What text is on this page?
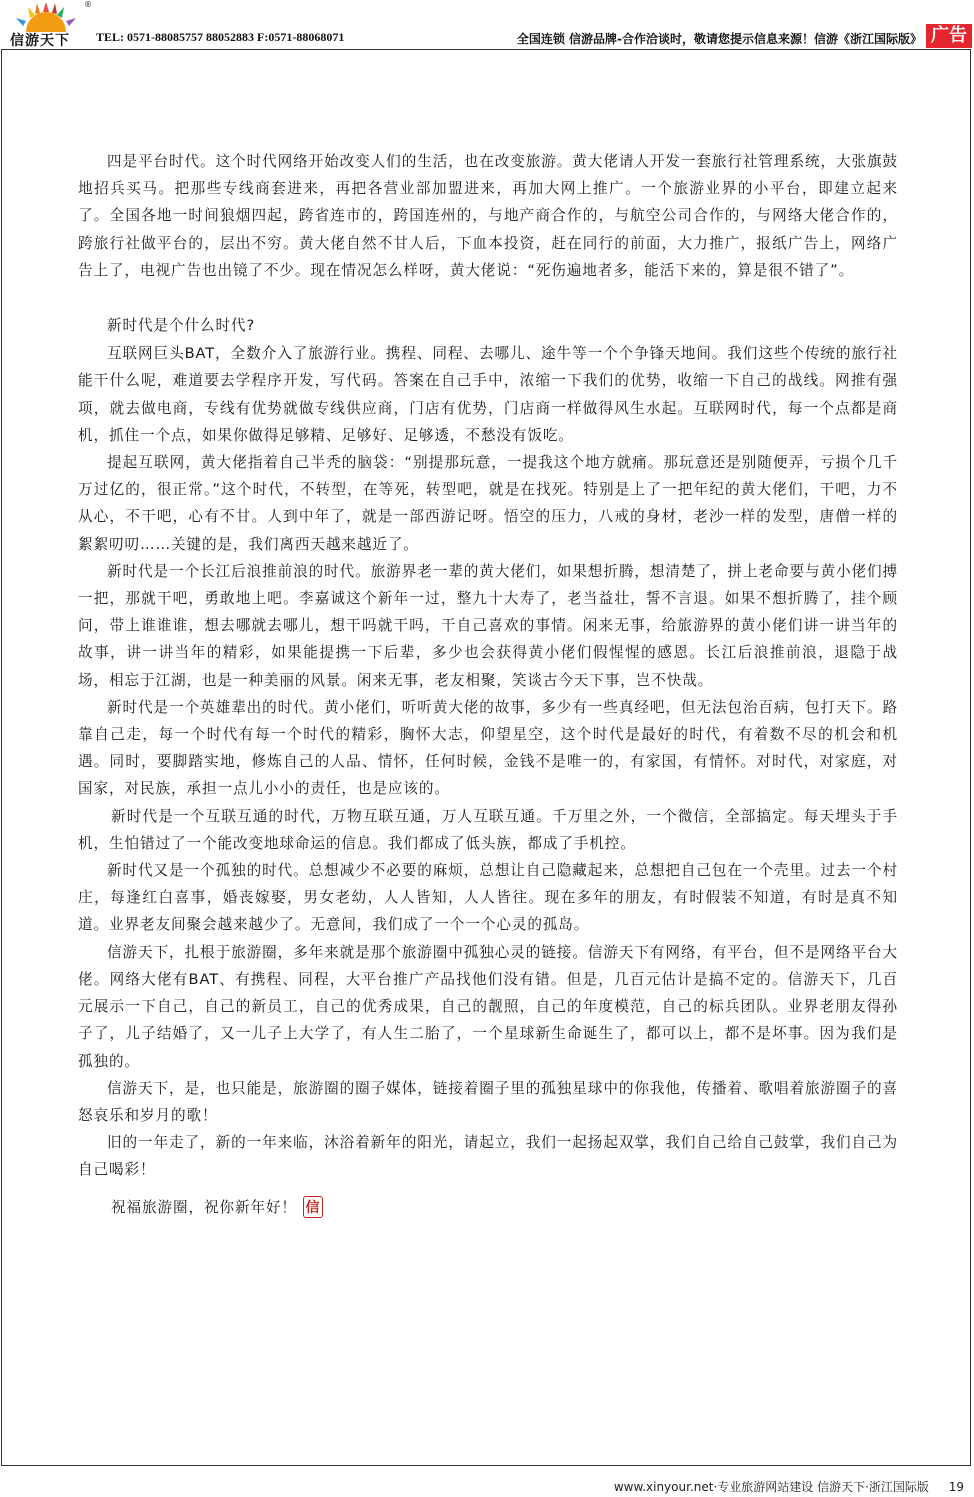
信游天下
®
TEL: 0571-88085757 88052883 F:0571-88068071	全国连锁 信游品牌-合作洽谈时，敬请您提示信息来源！信游《浙江国际版》 广告

四是平台时代。这个时代网络开始改变人们的生活，也在改变旅游。黄大佬请人开发一套旅行社管理系统，大张旗鼓地招兵买马。把那些专线商套进来，再把各营业部加盟进来，再加大网上推广。一个旅游业界的小平台，即建立起来了。全国各地一时间狼烟四起，跨省连市的，跨国连州的，与地产商合作的，与航空公司合作的，与网络大佬合作的，跨旅行社做平台的，层出不穷。黄大佬自然不甘人后，下血本投资，赶在同行的前面，大力推广，报纸广告上，网络广告上了，电视广告也出镜了不少。现在情况怎么样呀，黄大佬说：“死伤遍地者多，能活下来的，算是很不错了”。

新时代是个什么时代?

互联网巨头BAT，全数介入了旅游行业。携程、同程、去哪儿、途牛等一个个争锋天地间。我们这些个传统的旅行社能干什么呢，难道要去学程序开发，写代码。答案在自己手中，浓缩一下我们的优势，收缩一下自己的战线。网推有强项，就去做电商，专线有优势就做专线供应商，门店有优势，门店商一样做得风生水起。互联网时代，每一个点都是商机，抓住一个点，如果你做得足够精、足够好、足够透，不愁没有饭吃。

提起互联网，黄大佬指着自己半秃的脑袋：“别提那玩意，一提我这个地方就痛。那玩意还是别随便弄，亏损个几千万过亿的，很正常。”这个时代，不转型，在等死，转型吧，就是在找死。特别是上了一把年纪的黄大佬们，干吧，力不从心，不干吧，心有不甘。人到中年了，就是一部西游记呀。悟空的压力，八戒的身材，老沙一样的发型，唐僧一样的絮絮叨叨……关键的是，我们离西天越来越近了。

新时代是一个长江后浪推前浪的时代。旅游界老一辈的黄大佬们，如果想折腾，想清楚了，拼上老命要与黄小佬们搏一把，那就干吧，勇敢地上吧。李嘉诚这个新年一过，整九十大寿了，老当益壮，誓不言退。如果不想折腾了，挂个顾问，带上谁谁谁，想去哪就去哪儿，想干吗就干吗，干自己喜欢的事情。闲来无事，给旅游界的黄小佬们讲一讲当年的故事，讲一讲当年的精彩，如果能提携一下后辈，多少也会获得黄小佬们假惺惺的感恩。长江后浪推前浪，退隐于战场，相忘于江湖，也是一种美丽的风景。闲来无事，老友相聚，笑谈古今天下事，岂不快哉。

新时代是一个英雄辈出的时代。黄小佬们，听听黄大佬的故事，多少有一些真经吧，但无法包治百病，包打天下。路靠自己走，每一个时代有每一个时代的精彩，胸怀大志，仰望星空，这个时代是最好的时代，有着数不尽的机会和机遇。同时，要脚踏实地，修炼自己的人品、情怀，任何时候，金钱不是唯一的，有家国，有情怀。对时代，对家庭，对国家，对民族，承担一点儿小小的责任，也是应该的。

新时代是一个互联互通的时代，万物互联互通，万人互联互通。千万里之外，一个微信，全部搞定。每天埋头于手机，生怕错过了一个能改变地球命运的信息。我们都成了低头族，都成了手机控。

新时代又是一个孤独的时代。总想减少不必要的麻烦，总想让自己隐藏起来，总想把自己包在一个壳里。过去一个村庄，每逢红白喜事，婚丧嫁娶，男女老幼，人人皆知，人人皆往。现在多年的朋友，有时假装不知道，有时是真不知道。业界老友间聚会越来越少了。无意间，我们成了一个一个心灵的孤岛。

信游天下，扎根于旅游圈，多年来就是那个旅游圈中孤独心灵的链接。信游天下有网络，有平台，但不是网络平台大佬。网络大佬有BAT、有携程、同程，大平台推广产品找他们没有错。但是，几百元估计是搞不定的。信游天下，几百元展示一下自己，自己的新员工，自己的优秀成果，自己的靓照，自己的年度模范，自己的标兵团队。业界老朋友得孙子了，儿子结婚了，又一儿子上大学了，有人生二胎了，一个星球新生命诞生了，都可以上，都不是坏事。因为我们是孤独的。

信游天下，是，也只能是，旅游圈的圈子媒体，链接着圈子里的孤独星球中的你我他，传播着、歌唱着旅游圈子的喜怒哀乐和岁月的歌！

旧的一年走了，新的一年来临，沐浴着新年的阳光，请起立，我们一起扬起双掌，我们自己给自己鼓掌，我们自己为自己喝彩！

祝福旅游圈，祝你新年好！ 信
www.xinyour.net·专业旅游网站建设 信游天下·浙江国际版 19
